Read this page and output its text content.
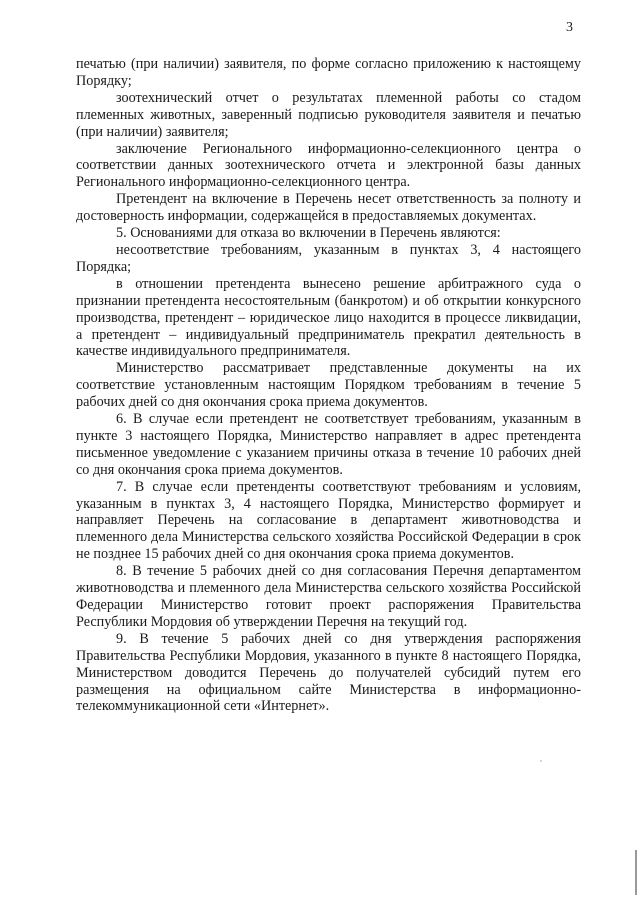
3

печатью (при наличии) заявителя, по форме согласно приложению к настоящему Порядку;

зоотехнический отчет о результатах племенной работы со стадом племенных животных, заверенный подписью руководителя заявителя и печатью (при наличии) заявителя;

заключение Регионального информационно-селекционного центра о соответствии данных зоотехнического отчета и электронной базы данных Регионального информационно-селекционного центра.

Претендент на включение в Перечень несет ответственность за полноту и достоверность информации, содержащейся в предоставляемых документах.

5. Основаниями для отказа во включении в Перечень являются:

несоответствие требованиям, указанным в пунктах 3, 4 настоящего Порядка;

в отношении претендента вынесено решение арбитражного суда о признании претендента несостоятельным (банкротом) и об открытии конкурсного производства, претендент – юридическое лицо находится в процессе ликвидации, а претендент – индивидуальный предприниматель прекратил деятельность в качестве индивидуального предпринимателя.

Министерство рассматривает представленные документы на их соответствие установленным настоящим Порядком требованиям в течение 5 рабочих дней со дня окончания срока приема документов.

6. В случае если претендент не соответствует требованиям, указанным в пункте 3 настоящего Порядка, Министерство направляет в адрес претендента письменное уведомление с указанием причины отказа в течение 10 рабочих дней со дня окончания срока приема документов.

7. В случае если претенденты соответствуют требованиям и условиям, указанным в пунктах 3, 4 настоящего Порядка, Министерство формирует и направляет Перечень на согласование в департамент животноводства и племенного дела Министерства сельского хозяйства Российской Федерации в срок не позднее 15 рабочих дней со дня окончания срока приема документов.

8. В течение 5 рабочих дней со дня согласования Перечня департаментом животноводства и племенного дела Министерства сельского хозяйства Российской Федерации Министерство готовит проект распоряжения Правительства Республики Мордовия об утверждении Перечня на текущий год.

9. В течение 5 рабочих дней со дня утверждения распоряжения Правительства Республики Мордовия, указанного в пункте 8 настоящего Порядка, Министерством доводится Перечень до получателей субсидий путем его размещения на официальном сайте Министерства в информационно-телекоммуникационной сети «Интернет».
